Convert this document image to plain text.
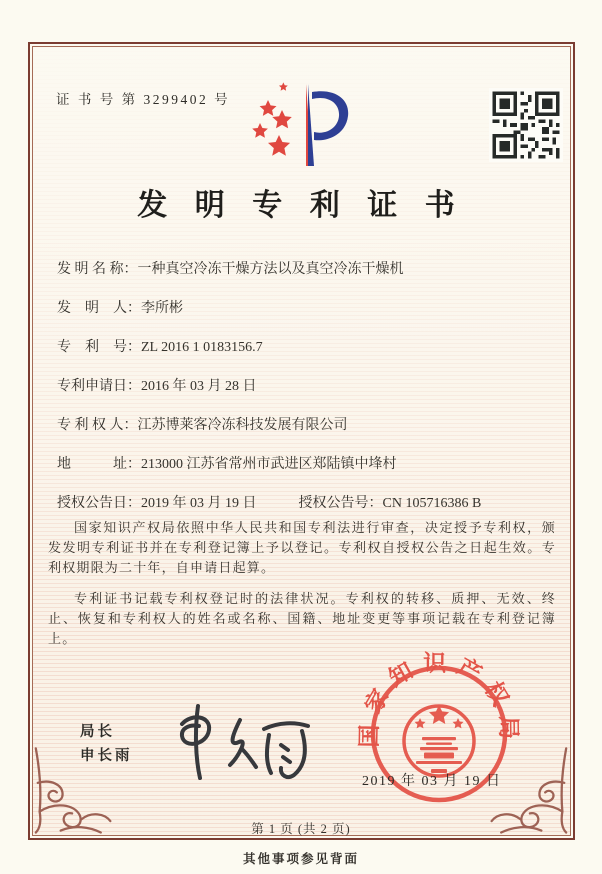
证 书 号 第 3299402 号
发 明 专 利 证 书
发 明 名 称： 一种真空冷冻干燥方法以及真空冷冻干燥机
发　明　人： 李所彬
专　利　号： ZL 2016 1 0183156.7
专利申请日： 2016 年 03 月 28 日
专 利 权 人： 江苏博莱客冷冻科技发展有限公司
地　　　址： 213000 江苏省常州市武进区郑陆镇中埄村
授权公告日： 2019 年 03 月 19 日	授权公告号： CN 105716386 B
国家知识产权局依照中华人民共和国专利法进行审查，决定授予专利权，颁发发明专利证书并在专利登记簿上予以登记。专利权自授权公告之日起生效。专利权期限为二十年，自申请日起算。
专利证书记载专利权登记时的法律状况。专利权的转移、质押、无效、终止、恢复和专利权人的姓名或名称、国籍、地址变更等事项记载在专利登记簿上。
局长
申长雨
国家知识产权局
2019 年 03 月 19 日
第 1 页 (共 2 页)
其他事项参见背面
